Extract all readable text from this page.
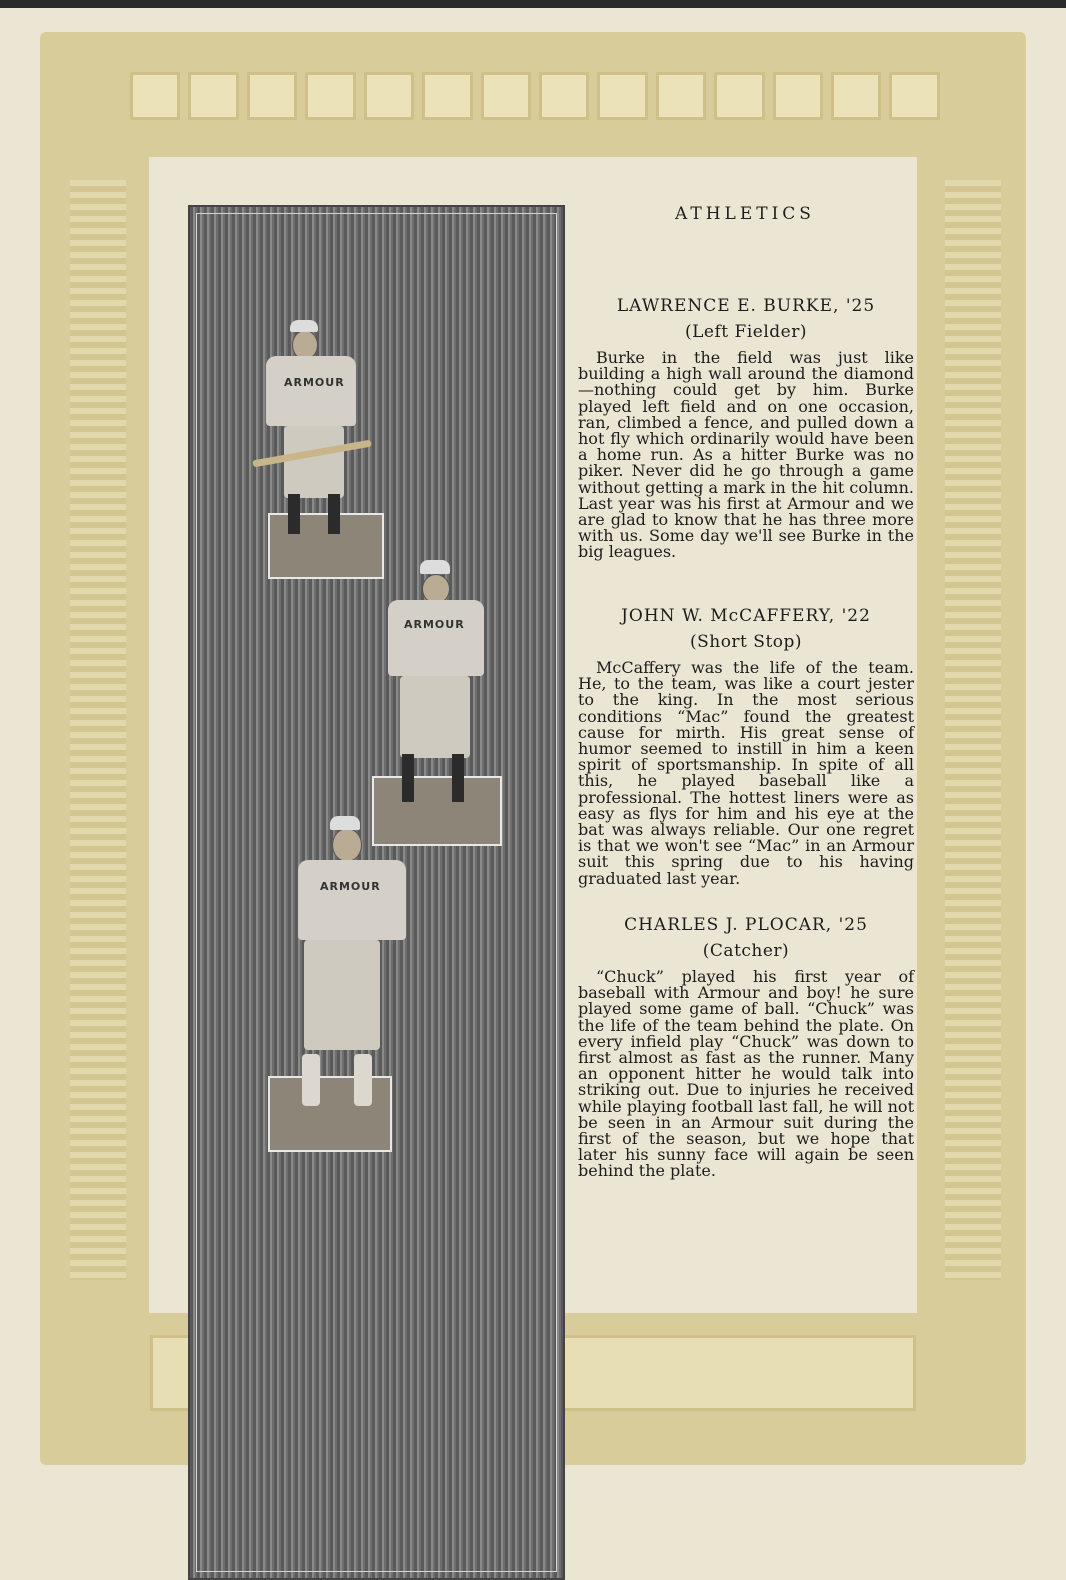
ARMOUR
ARMOUR
ARMOUR
ATHLETICS

LAWRENCE E. BURKE, '25

(Left Fielder)

Burke in the field was just like building a high wall around the diamond—nothing could get by him. Burke played left field and on one occasion, ran, climbed a fence, and pulled down a hot fly which ordinarily would have been a home run. As a hitter Burke was no piker. Never did he go through a game without getting a mark in the hit column. Last year was his first at Armour and we are glad to know that he has three more with us. Some day we'll see Burke in the big leagues.

JOHN W. McCAFFERY, '22

(Short Stop)

McCaffery was the life of the team. He, to the team, was like a court jester to the king. In the most serious conditions “Mac” found the greatest cause for mirth. His great sense of humor seemed to instill in him a keen spirit of sportsmanship. In spite of all this, he played baseball like a professional. The hottest liners were as easy as flys for him and his eye at the bat was always reliable. Our one regret is that we won't see “Mac” in an Armour suit this spring due to his having graduated last year.

CHARLES J. PLOCAR, '25

(Catcher)

“Chuck” played his first year of baseball with Armour and boy! he sure played some game of ball. “Chuck” was the life of the team behind the plate. On every infield play “Chuck” was down to first almost as fast as the runner. Many an opponent hitter he would talk into striking out. Due to injuries he received while playing football last fall, he will not be seen in an Armour suit during the first of the season, but we hope that later his sunny face will again be seen behind the plate.
